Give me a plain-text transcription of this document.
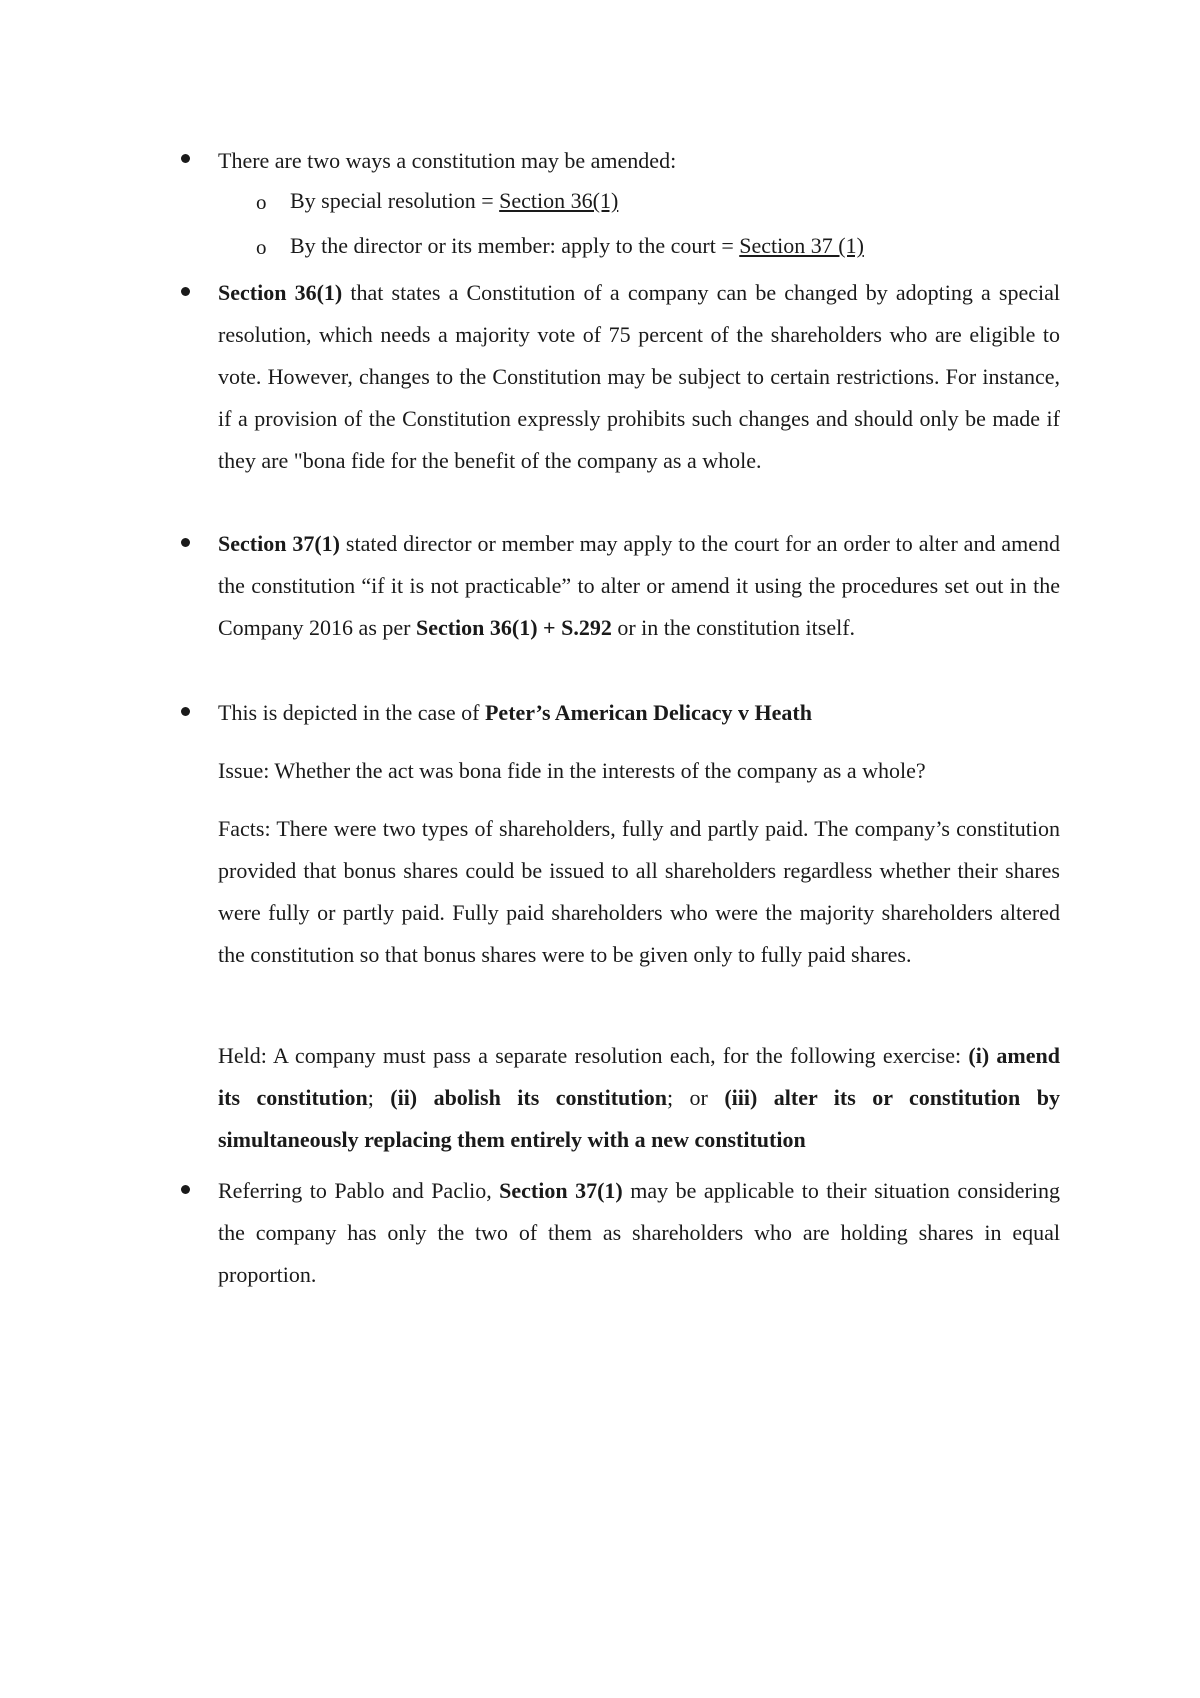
There are two ways a constitution may be amended:
o By special resolution = Section 36(1)
o By the director or its member: apply to the court = Section 37 (1)
Section 36(1) that states a Constitution of a company can be changed by adopting a special resolution, which needs a majority vote of 75 percent of the shareholders who are eligible to vote. However, changes to the Constitution may be subject to certain restrictions. For instance, if a provision of the Constitution expressly prohibits such changes and should only be made if they are "bona fide for the benefit of the company as a whole.
Section 37(1) stated director or member may apply to the court for an order to alter and amend the constitution “if it is not practicable” to alter or amend it using the procedures set out in the Company 2016 as per Section 36(1) + S.292 or in the constitution itself.
This is depicted in the case of Peter’s American Delicacy v Heath
Issue: Whether the act was bona fide in the interests of the company as a whole?
Facts: There were two types of shareholders, fully and partly paid. The company’s constitution provided that bonus shares could be issued to all shareholders regardless whether their shares were fully or partly paid. Fully paid shareholders who were the majority shareholders altered the constitution so that bonus shares were to be given only to fully paid shares.
Held: A company must pass a separate resolution each, for the following exercise: (i) amend its constitution; (ii) abolish its constitution; or (iii) alter its or constitution by simultaneously replacing them entirely with a new constitution
Referring to Pablo and Paclio, Section 37(1) may be applicable to their situation considering the company has only the two of them as shareholders who are holding shares in equal proportion.
